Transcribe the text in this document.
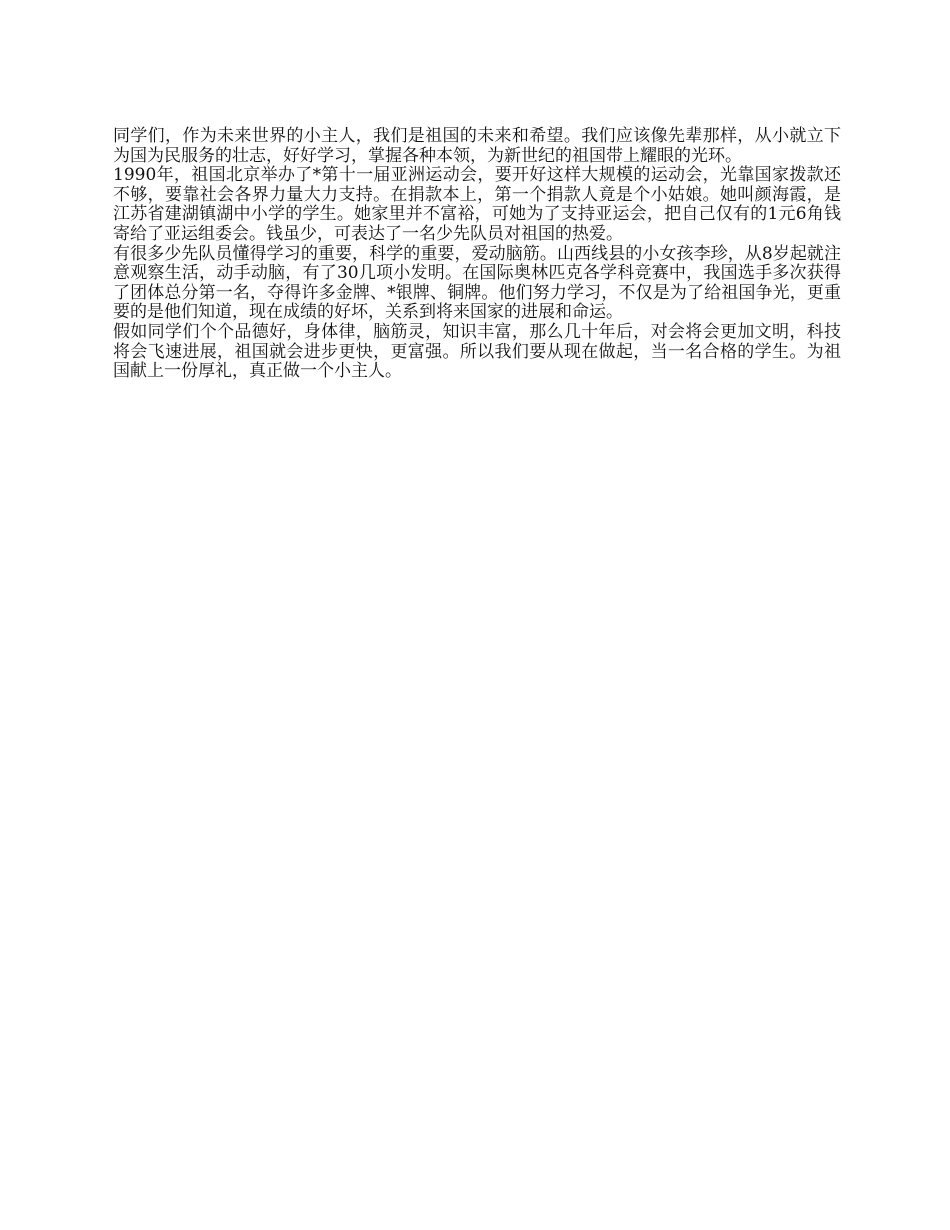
同学们，作为未来世界的小主人，我们是祖国的未来和希望。我们应该像先辈那样，从小就立下为国为民服务的壮志，好好学习，掌握各种本领，为新世纪的祖国带上耀眼的光环。

1990年，祖国北京举办了*第十一届亚洲运动会，要开好这样大规模的运动会，光靠国家拨款还不够，要靠社会各界力量大力支持。在捐款本上，第一个捐款人竟是个小姑娘。她叫颜海霞，是江苏省建湖镇湖中小学的学生。她家里并不富裕，可她为了支持亚运会，把自己仅有的1元6角钱寄给了亚运组委会。钱虽少，可表达了一名少先队员对祖国的热爱。

有很多少先队员懂得学习的重要，科学的重要，爱动脑筋。山西线县的小女孩李珍，从8岁起就注意观察生活，动手动脑，有了30几项小发明。在国际奥林匹克各学科竞赛中，我国选手多次获得了团体总分第一名，夺得许多金牌、*银牌、铜牌。他们努力学习，不仅是为了给祖国争光，更重要的是他们知道，现在成绩的好坏，关系到将来国家的进展和命运。

假如同学们个个品德好，身体律，脑筋灵，知识丰富，那么几十年后，对会将会更加文明，科技将会飞速进展，祖国就会进步更快，更富强。所以我们要从现在做起，当一名合格的学生。为祖国献上一份厚礼，真正做一个小主人。
